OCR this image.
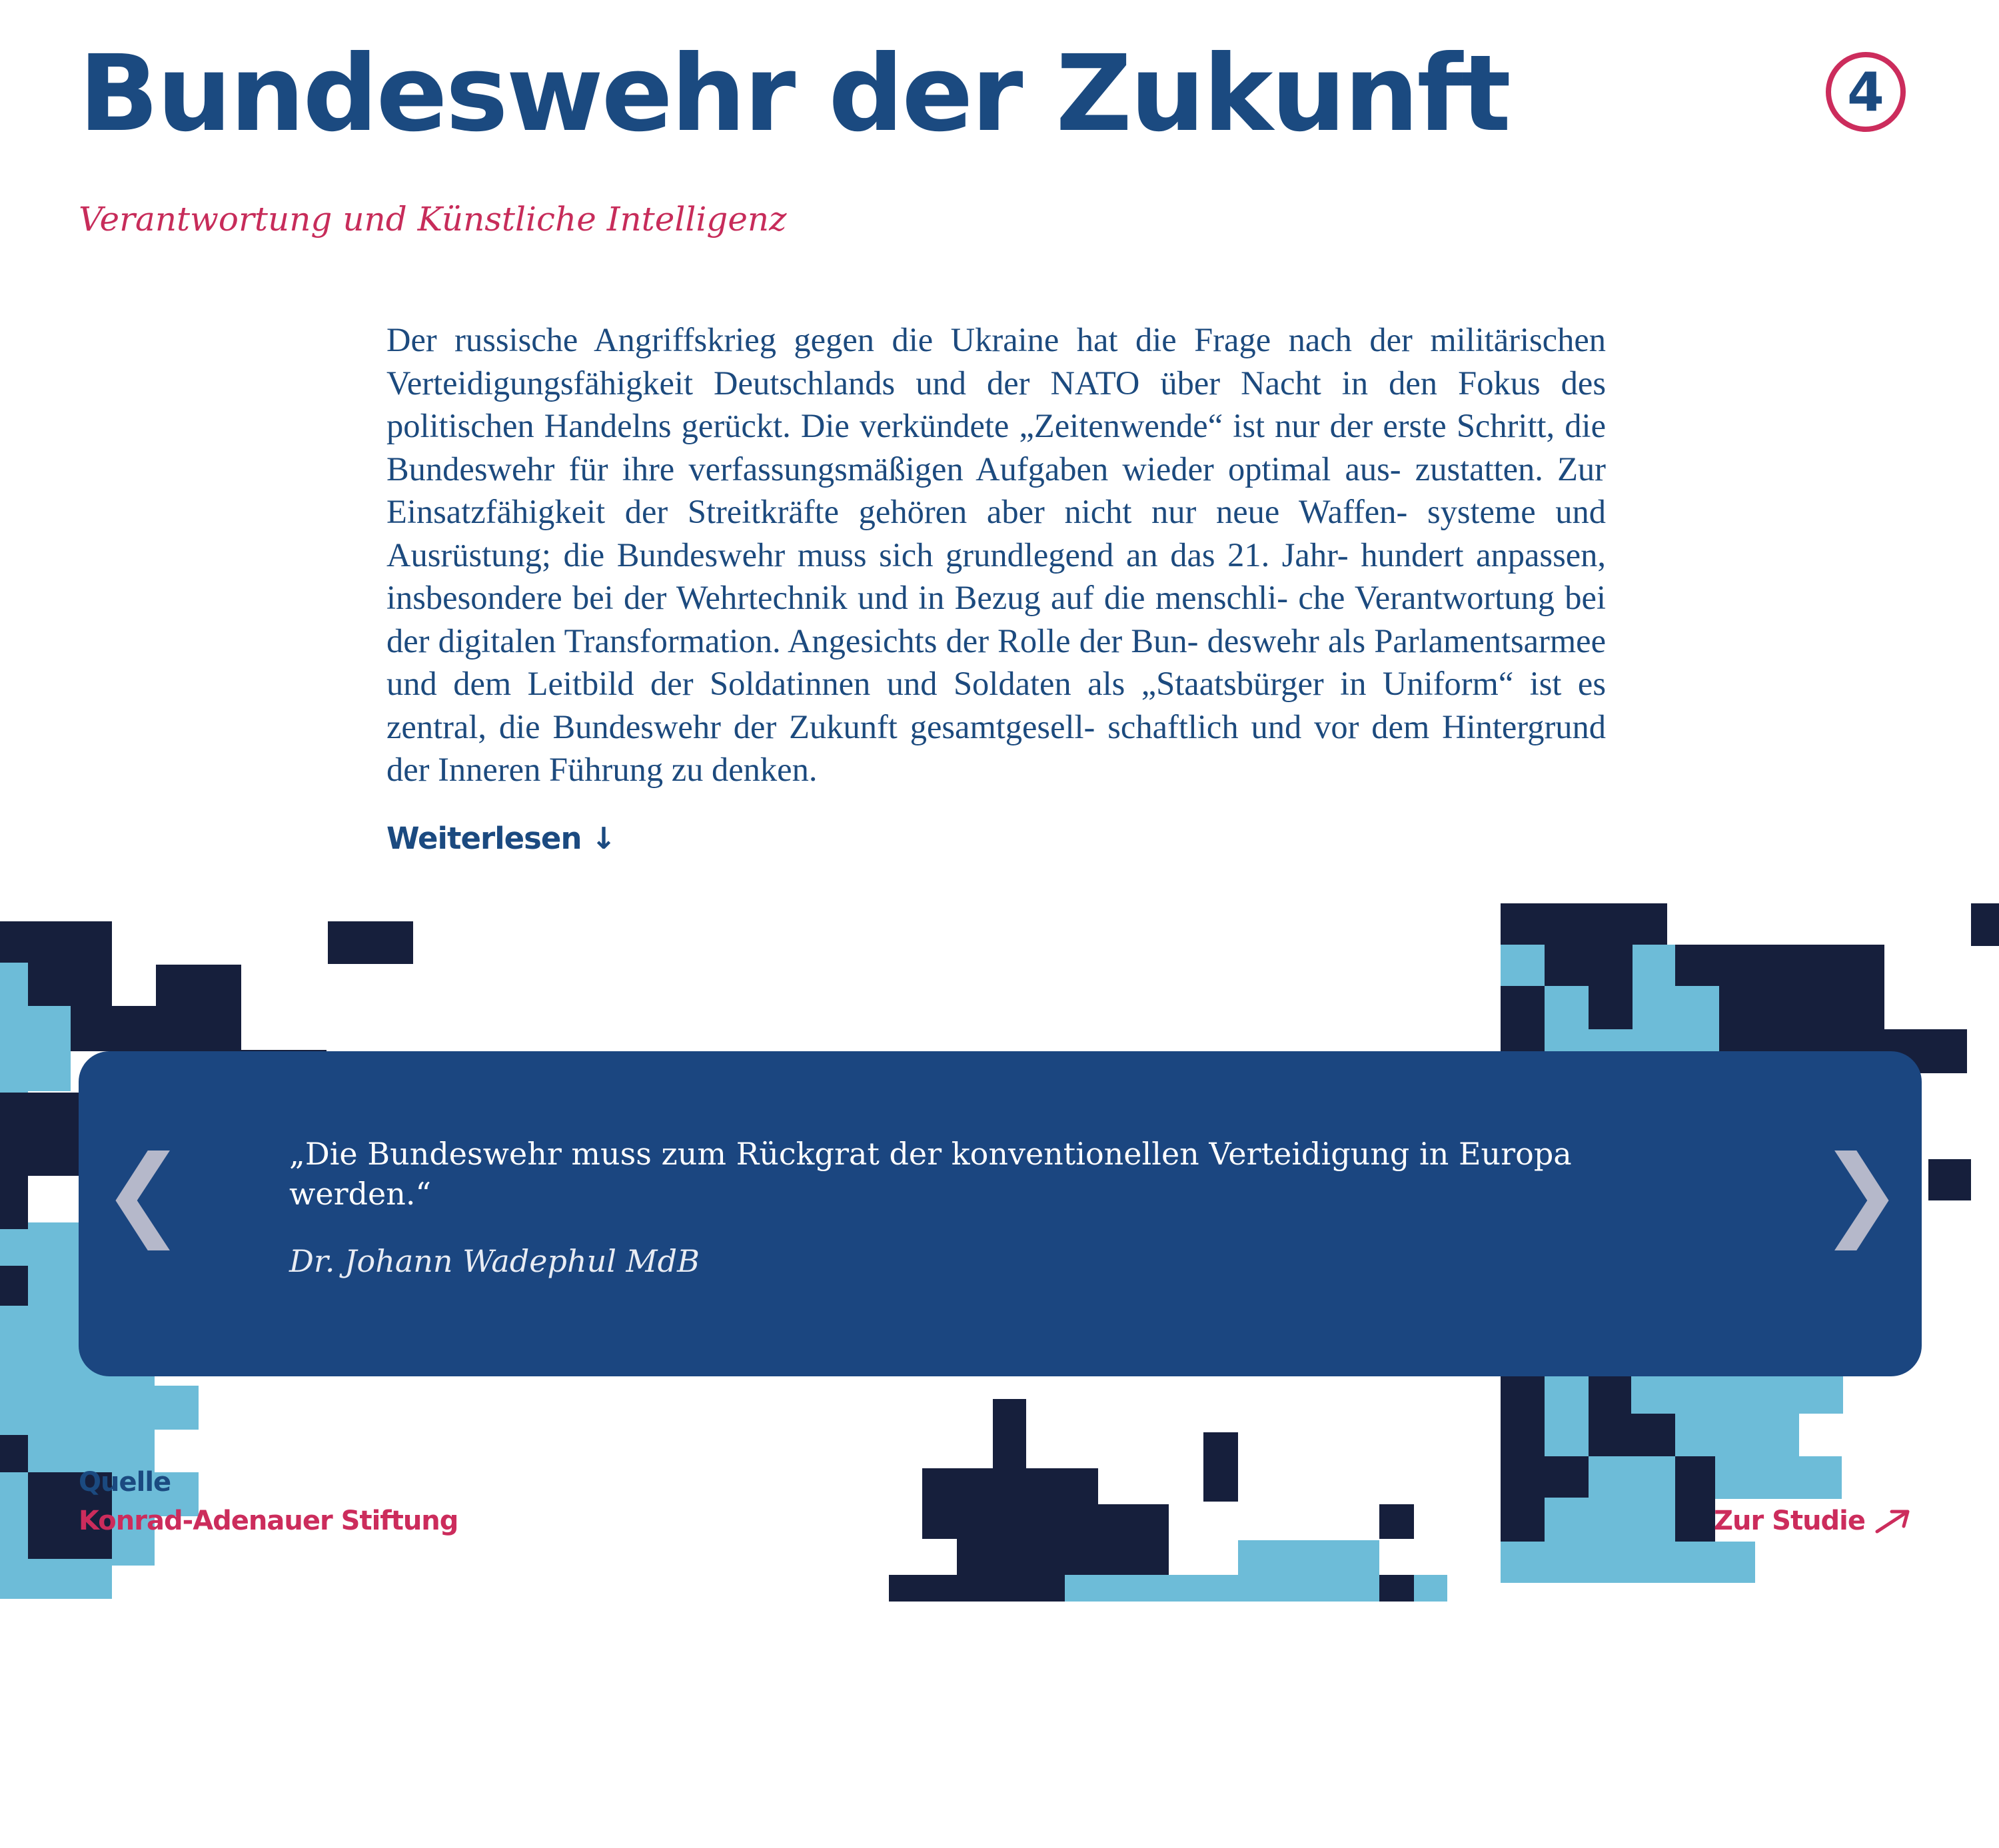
Bundeswehr der Zukunft	4

Verantwortung und Künstliche Intelligenz

Der russische Angriffskrieg gegen die Ukraine hat die Frage nach der militärischen Verteidigungsfähigkeit Deutschlands und der NATO über Nacht in den Fokus des politischen Handelns gerückt. Die verkündete „Zeitenwende“ ist nur der erste Schritt, die Bundeswehr für ihre verfassungsmäßigen Aufgaben wieder optimal aus- zustatten. Zur Einsatzfähigkeit der Streitkräfte gehören aber nicht nur neue Waffen- systeme und Ausrüstung; die Bundeswehr muss sich grundlegend an das 21. Jahr- hundert anpassen, insbesondere bei der Wehrtechnik und in Bezug auf die menschli- che Verantwortung bei der digitalen Transformation. Angesichts der Rolle der Bun- deswehr als Parlamentsarmee und dem Leitbild der Soldatinnen und Soldaten als „Staatsbürger in Uniform“ ist es zentral, die Bundeswehr der Zukunft gesamtgesell- schaftlich und vor dem Hintergrund der Inneren Führung zu denken.

Weiterlesen ↓
❮	❯

„Die Bundeswehr muss zum Rückgrat der konventionellen Verteidigung in Europa werden.“

Dr. Johann Wadephul MdB

Quelle
Konrad-Adenauer Stiftung	Zur Studie
